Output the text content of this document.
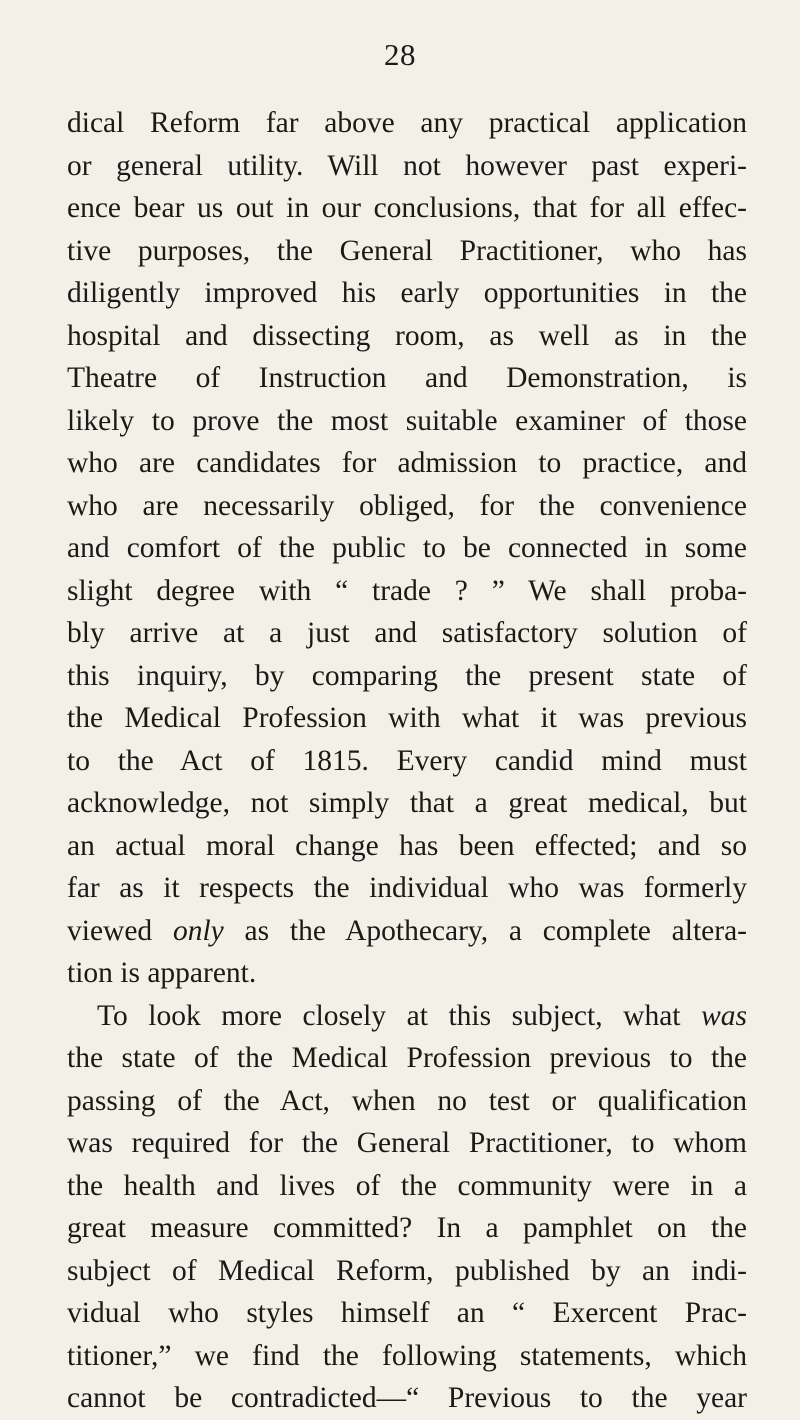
28
dical Reform far above any practical application
or general utility. Will not however past experi-
ence bear us out in our conclusions, that for all effec-
tive purposes, the General Practitioner, who has
diligently improved his early opportunities in the
hospital and dissecting room, as well as in the
Theatre of Instruction and Demonstration, is
likely to prove the most suitable examiner of those
who are candidates for admission to practice, and
who are necessarily obliged, for the convenience
and comfort of the public to be connected in some
slight degree with “ trade ? ” We shall proba-
bly arrive at a just and satisfactory solution of
this inquiry, by comparing the present state of
the Medical Profession with what it was previous
to the Act of 1815. Every candid mind must
acknowledge, not simply that a great medical, but
an actual moral change has been effected; and so
far as it respects the individual who was formerly
viewed only as the Apothecary, a complete altera-
tion is apparent.
To look more closely at this subject, what was
the state of the Medical Profession previous to the
passing of the Act, when no test or qualification
was required for the General Practitioner, to whom
the health and lives of the community were in a
great measure committed? In a pamphlet on the
subject of Medical Reform, published by an indi-
vidual who styles himself an “ Exercent Prac-
titioner,” we find the following statements, which
cannot be contradicted—“ Previous to the year
